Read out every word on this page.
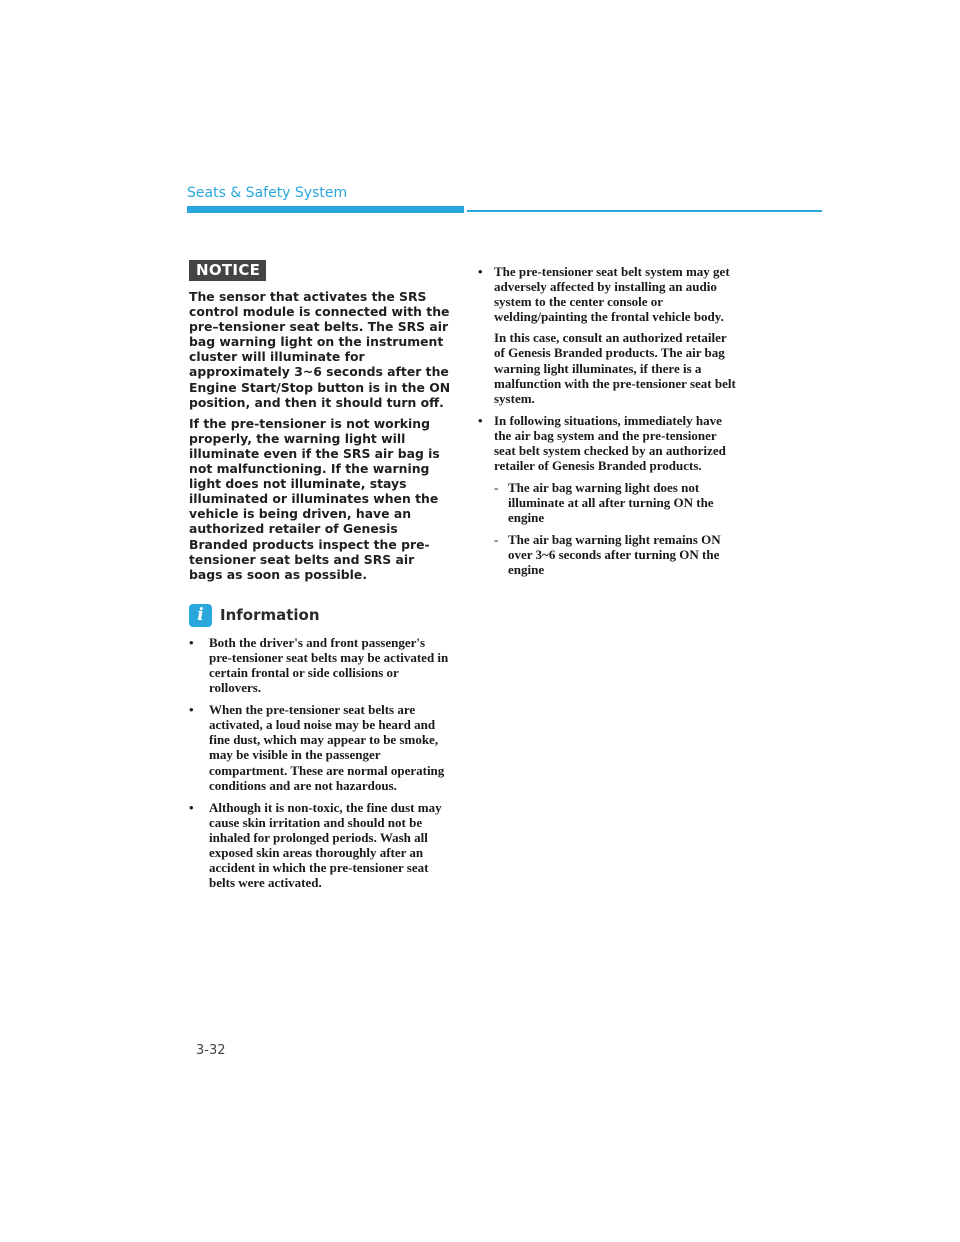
Seats & Safety System
NOTICE

The sensor that activates the SRS control module is connected with the pre–tensioner seat belts. The SRS air bag warning light on the instrument cluster will illuminate for approximately 3~6 seconds after the Engine Start/Stop button is in the ON position, and then it should turn off.

If the pre-tensioner is not working properly, the warning light will illuminate even if the SRS air bag is not malfunctioning. If the warning light does not illuminate, stays illuminated or illuminates when the vehicle is being driven, have an authorized retailer of Genesis Branded products inspect the pre-tensioner seat belts and SRS air bags as soon as possible.

i	Information
• Both the driver's and front passenger's pre-tensioner seat belts may be activated in certain frontal or side collisions or rollovers.
• When the pre-tensioner seat belts are activated, a loud noise may be heard and fine dust, which may appear to be smoke, may be visible in the passenger compartment. These are normal operating conditions and are not hazardous.
• Although it is non-toxic, the fine dust may cause skin irritation and should not be inhaled for prolonged periods. Wash all exposed skin areas thoroughly after an accident in which the pre-tensioner seat belts were activated.
• The pre-tensioner seat belt system may get adversely affected by installing an audio system to the center console or welding/painting the frontal vehicle body.
In this case, consult an authorized retailer of Genesis Branded products. The air bag warning light illuminates, if there is a malfunction with the pre-tensioner seat belt system.
• In following situations, immediately have the air bag system and the pre-tensioner seat belt system checked by an authorized retailer of Genesis Branded products.
- The air bag warning light does not illuminate at all after turning ON the engine
- The air bag warning light remains ON over 3~6 seconds after turning ON the engine
3-32
